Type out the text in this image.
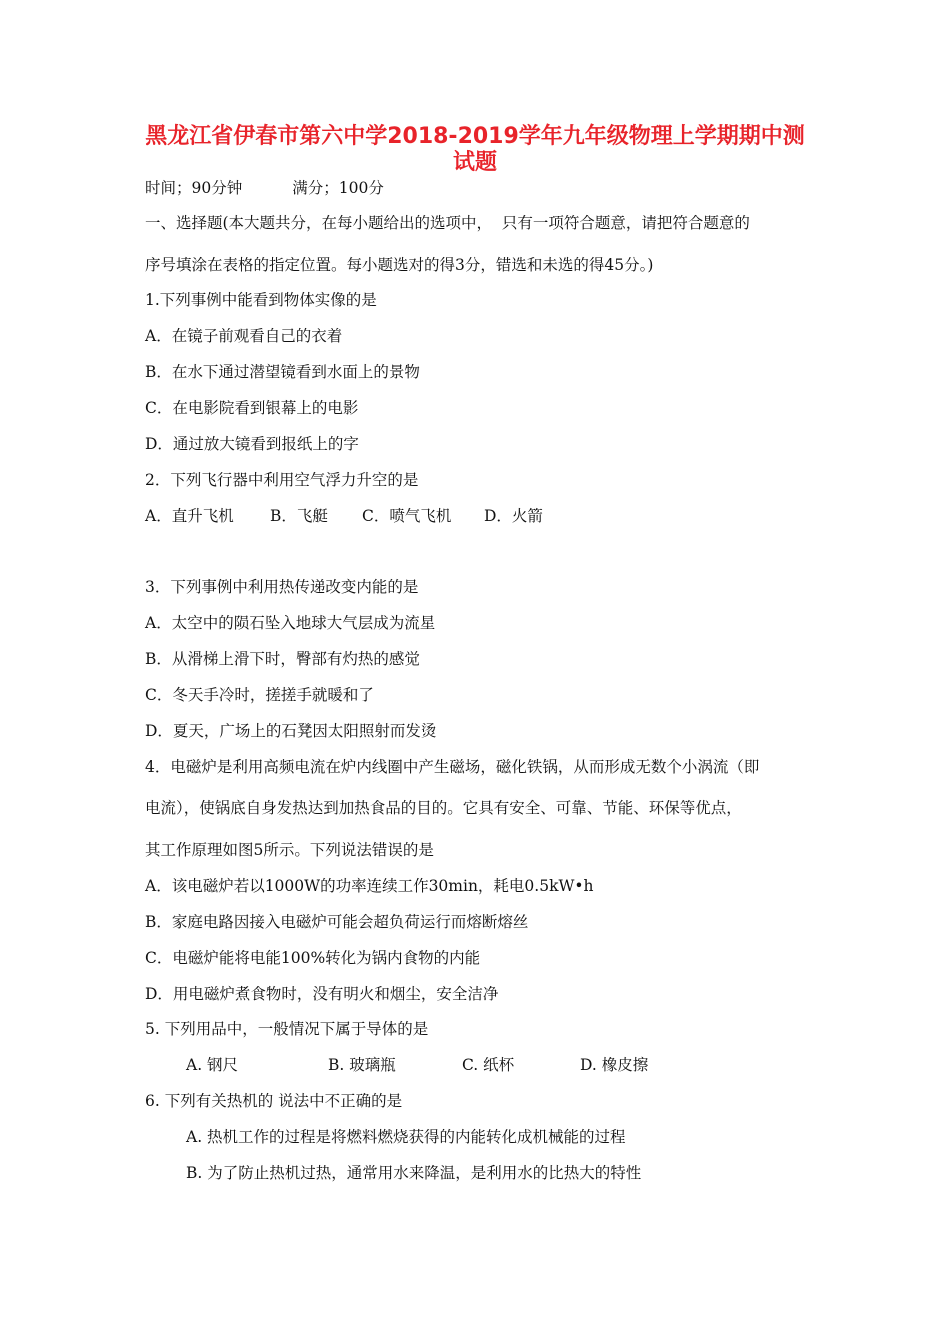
黑龙江省伊春市第六中学2018-2019学年九年级物理上学期期中测
试题
时间；90分钟	满分；100分
一、选择题(本大题共分，在每小题给出的选项中，  只有一项符合题意，请把符合题意的
序号填涂在表格的指定位置。每小题选对的得3分，错选和未选的得45分。)
1.下列事例中能看到物体实像的是
A．在镜子前观看自己的衣着
B．在水下通过潜望镜看到水面上的景物
C．在电影院看到银幕上的电影
D．通过放大镜看到报纸上的字
2．下列飞行器中利用空气浮力升空的是
A．直升飞机 B．飞艇 C．喷气飞机 D．火箭
3．下列事例中利用热传递改变内能的是
A．太空中的陨石坠入地球大气层成为流星
B．从滑梯上滑下时，臀部有灼热的感觉
C．冬天手冷时，搓搓手就暖和了
D．夏天，广场上的石凳因太阳照射而发烫
4．电磁炉是利用高频电流在炉内线圈中产生磁场，磁化铁锅，从而形成无数个小涡流（即
电流），使锅底自身发热达到加热食品的目的。它具有安全、可靠、节能、环保等优点，
其工作原理如图5所示。下列说法错误的是
A．该电磁炉若以1000W的功率连续工作30min，耗电0.5kW•h
B．家庭电路因接入电磁炉可能会超负荷运行而熔断熔丝
C．电磁炉能将电能100%转化为锅内食物的内能
D．用电磁炉煮食物时，没有明火和烟尘，安全洁净
5. 下列用品中，一般情况下属于导体的是
A. 钢尺	B. 玻璃瓶	C. 纸杯	D. 橡皮擦
6. 下列有关热机的 说法中不正确的是
A. 热机工作的过程是将燃料燃烧获得的内能转化成机械能的过程
B. 为了防止热机过热，通常用水来降温，是利用水的比热大的特性
